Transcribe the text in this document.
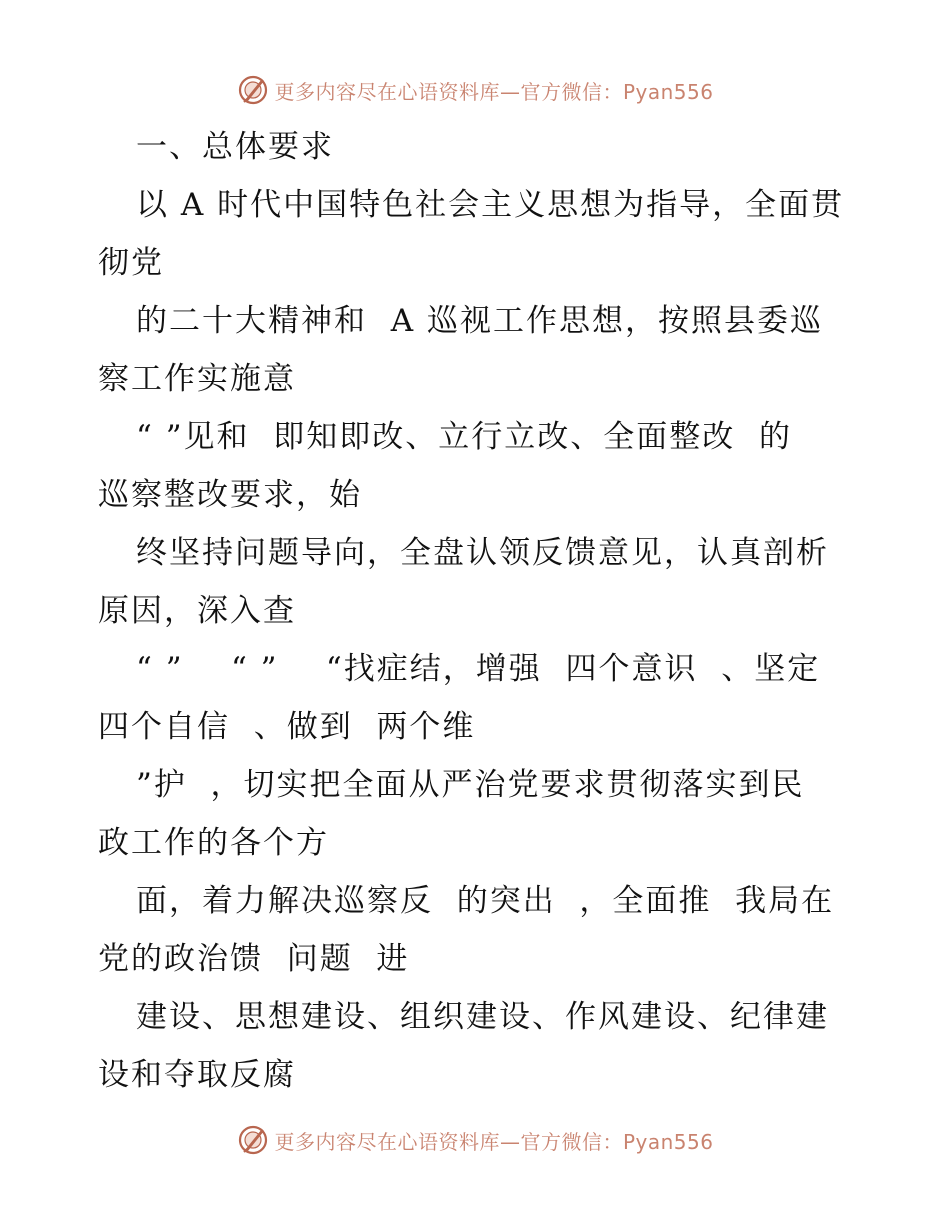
更多内容尽在心语资料库—官方微信：Pyan556
一、总体要求
以 A 时代中国特色社会主义思想为指导，全面贯
彻党
的二十大精神和  A 巡视工作思想，按照县委巡
察工作实施意
“ ”见和  即知即改、立行立改、全面整改  的
巡察整改要求，始
终坚持问题导向，全盘认领反馈意见，认真剖析
原因，深入查
“ ”    “ ”    “找症结，增强  四个意识  、坚定
四个自信  、做到  两个维
”护  ，切实把全面从严治党要求贯彻落实到民
政工作的各个方
面，着力解决巡察反  的突出  ，全面推  我局在
党的政治馈  问题  进
建设、思想建设、组织建设、作风建设、纪律建
设和夺取反腐
更多内容尽在心语资料库—官方微信：Pyan556
